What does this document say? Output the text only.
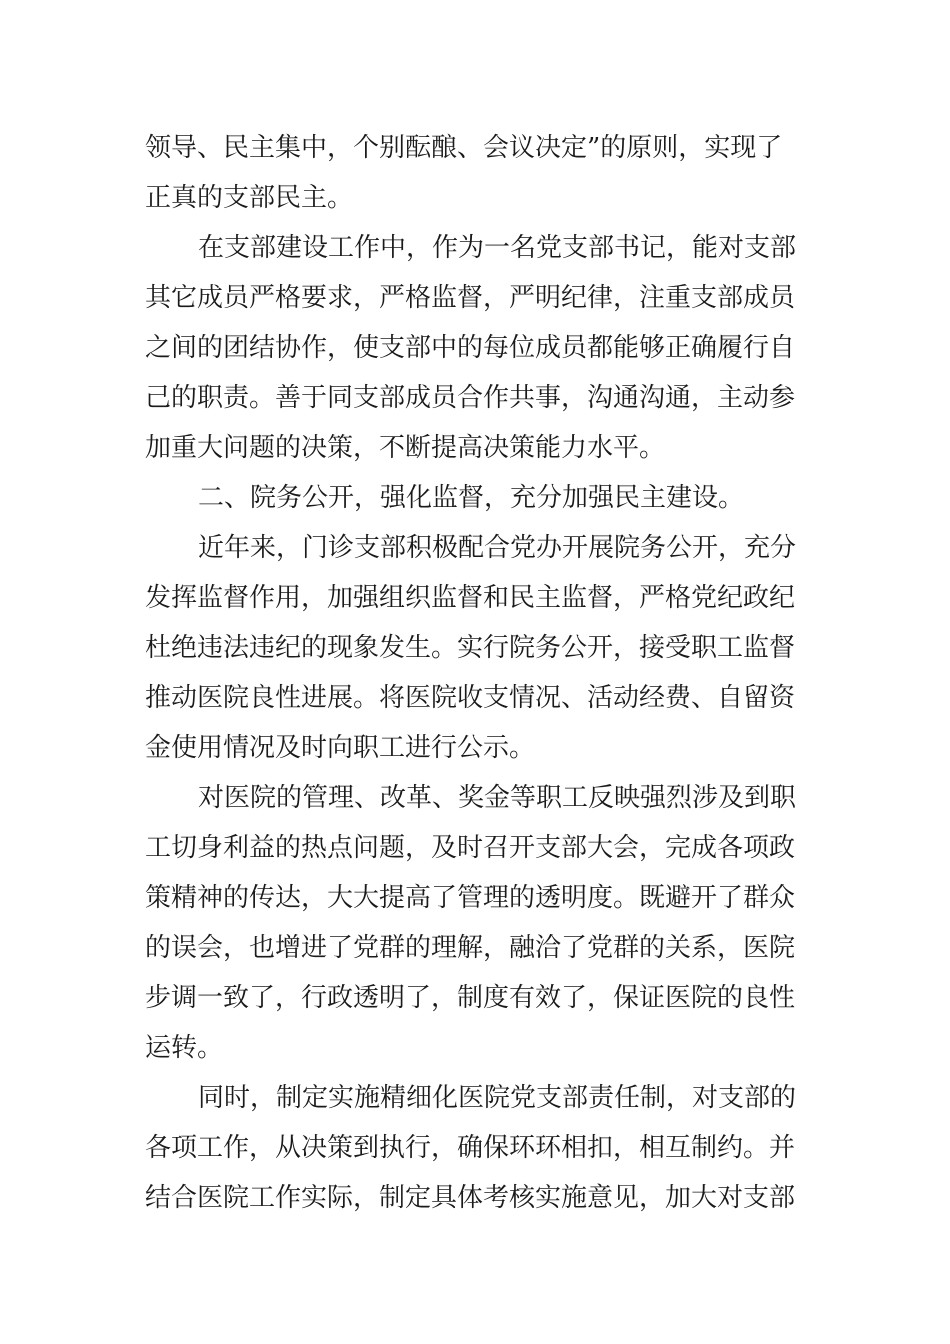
领导、民主集中，个别酝酿、会议决定”的原则，实现了
正真的支部民主。
在支部建设工作中，作为一名党支部书记，能对支部
其它成员严格要求，严格监督，严明纪律，注重支部成员
之间的团结协作，使支部中的每位成员都能够正确履行自
己的职责。善于同支部成员合作共事，沟通沟通，主动参
加重大问题的决策，不断提高决策能力水平。
二、院务公开，强化监督，充分加强民主建设。
近年来，门诊支部积极配合党办开展院务公开，充分
发挥监督作用，加强组织监督和民主监督，严格党纪政纪
杜绝违法违纪的现象发生。实行院务公开，接受职工监督
推动医院良性进展。将医院收支情况、活动经费、自留资
金使用情况及时向职工进行公示。
对医院的管理、改革、奖金等职工反映强烈涉及到职
工切身利益的热点问题，及时召开支部大会，完成各项政
策精神的传达，大大提高了管理的透明度。既避开了群众
的误会，也增进了党群的理解，融洽了党群的关系，医院
步调一致了，行政透明了，制度有效了，保证医院的良性
运转。
同时，制定实施精细化医院党支部责任制，对支部的
各项工作，从决策到执行，确保环环相扣，相互制约。并
结合医院工作实际，制定具体考核实施意见，加大对支部
